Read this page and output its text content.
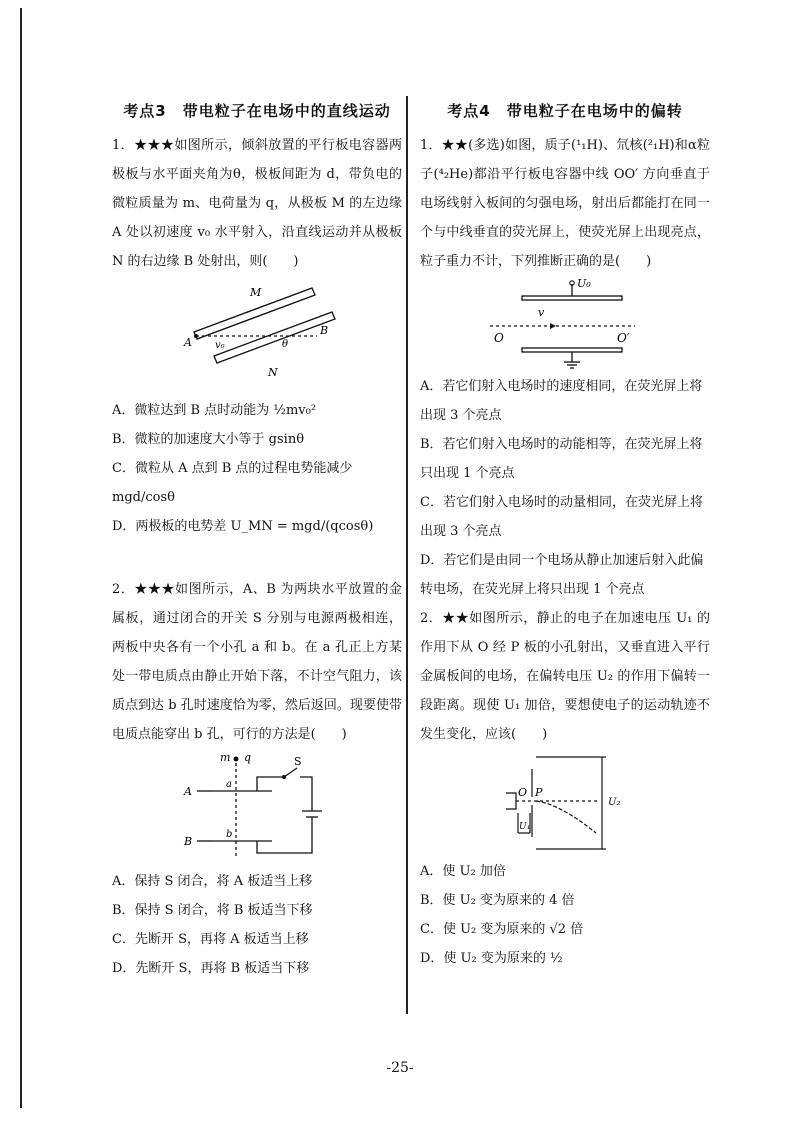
考点3　带电粒子在电场中的直线运动

1．★★★如图所示，倾斜放置的平行板电容器两极板与水平面夹角为θ，极板间距为 d，带负电的微粒质量为 m、电荷量为 q，从极板 M 的左边缘 A 处以初速度 v₀ 水平射入，沿直线运动并从极板 N 的右边缘 B 处射出，则(　　)

M
N
A
B
v₀	θ

A．微粒达到 B 点时动能为 ½mv₀²

B．微粒的加速度大小等于 gsinθ

C．微粒从 A 点到 B 点的过程电势能减少 mgd/cosθ

D．两极板的电势差 U_MN = mgd/(qcosθ)

2．★★★如图所示，A、B 为两块水平放置的金属板，通过闭合的开关 S 分别与电源两极相连，两板中央各有一个小孔 a 和 b。在 a 孔正上方某处一带电质点由静止开始下落，不计空气阻力，该质点到达 b 孔时速度恰为零，然后返回。现要使带电质点能穿出 b 孔，可行的方法是(　　)

m q	S
A
B
a
b

A．保持 S 闭合，将 A 板适当上移

B．保持 S 闭合，将 B 板适当下移

C．先断开 S，再将 A 板适当上移

D．先断开 S，再将 B 板适当下移

考点4　带电粒子在电场中的偏转

1．★★(多选)如图，质子(¹₁H)、氘核(²₁H)和α粒子(⁴₂He)都沿平行板电容器中线 OO′ 方向垂直于电场线射入板间的匀强电场，射出后都能打在同一个与中线垂直的荧光屏上，使荧光屏上出现亮点，粒子重力不计，下列推断正确的是(　　)

U₀
v
O	O′

A．若它们射入电场时的速度相同，在荧光屏上将出现 3 个亮点

B．若它们射入电场时的动能相等，在荧光屏上将只出现 1 个亮点

C．若它们射入电场时的动量相同，在荧光屏上将出现 3 个亮点

D．若它们是由同一个电场从静止加速后射入此偏转电场，在荧光屏上将只出现 1 个亮点

2．★★如图所示，静止的电子在加速电压 U₁ 的作用下从 O 经 P 板的小孔射出，又垂直进入平行金属板间的电场，在偏转电压 U₂ 的作用下偏转一段距离。现使 U₁ 加倍，要想使电子的运动轨迹不发生变化，应该(　　)

O P
U₁
U₂

A．使 U₂ 加倍

B．使 U₂ 变为原来的 4 倍

C．使 U₂ 变为原来的 √2 倍

D．使 U₂ 变为原来的 ½

-25-
